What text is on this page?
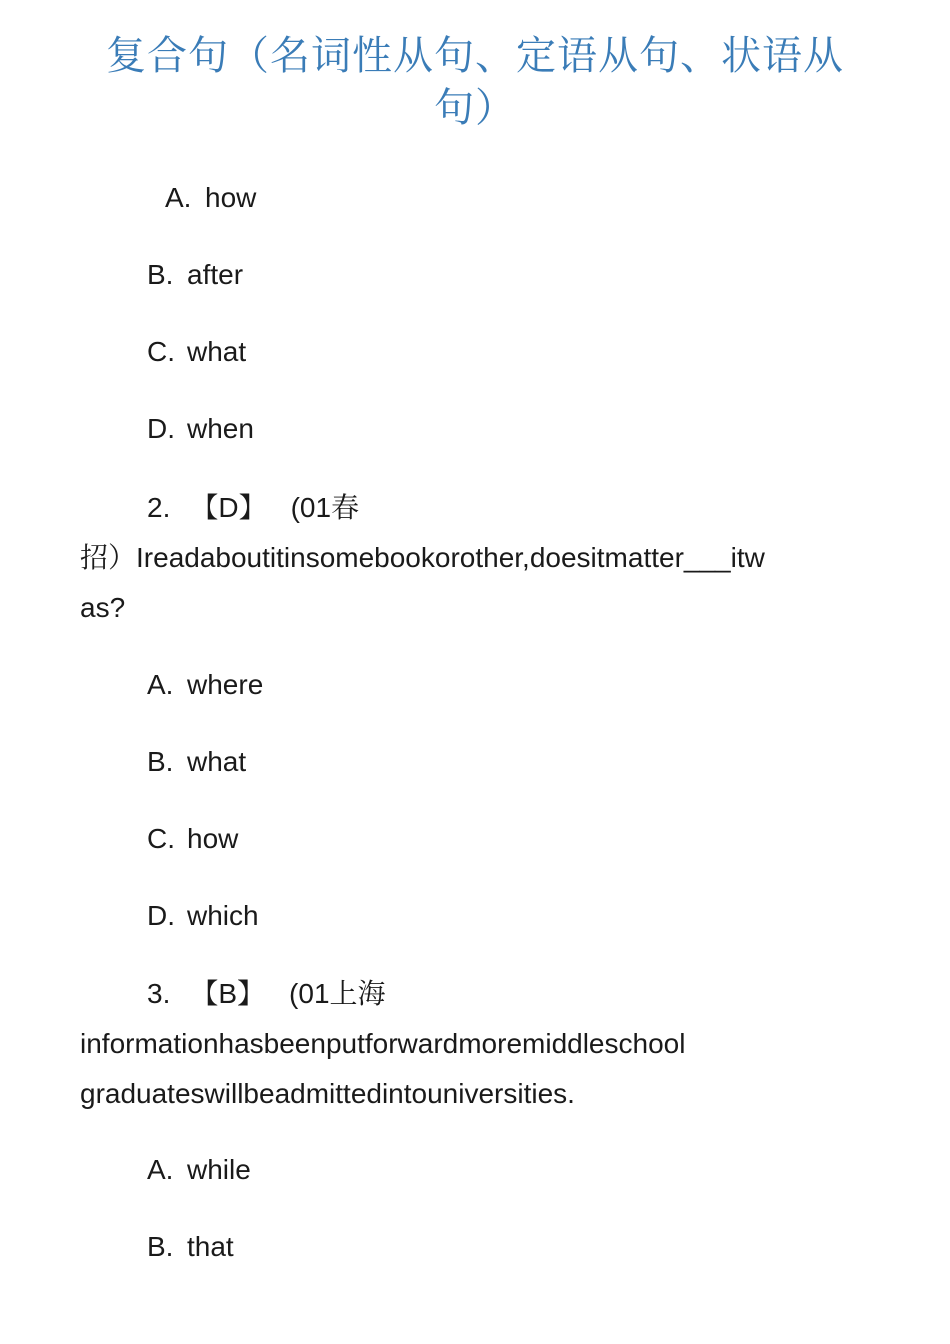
复合句（名词性从句、定语从句、状语从句）
A. how
B. after
C. what
D. when
2. 【D】 (01春
招）Ireadaboutitinsomebookorother,doesitmatter___itw
as?
A. where
B. what
C. how
D. which
3. 【B】 (01上海
informationhasbeenputforwardmoremiddleschool
graduateswillbeadmittedintouniversities.
A. while
B. that
